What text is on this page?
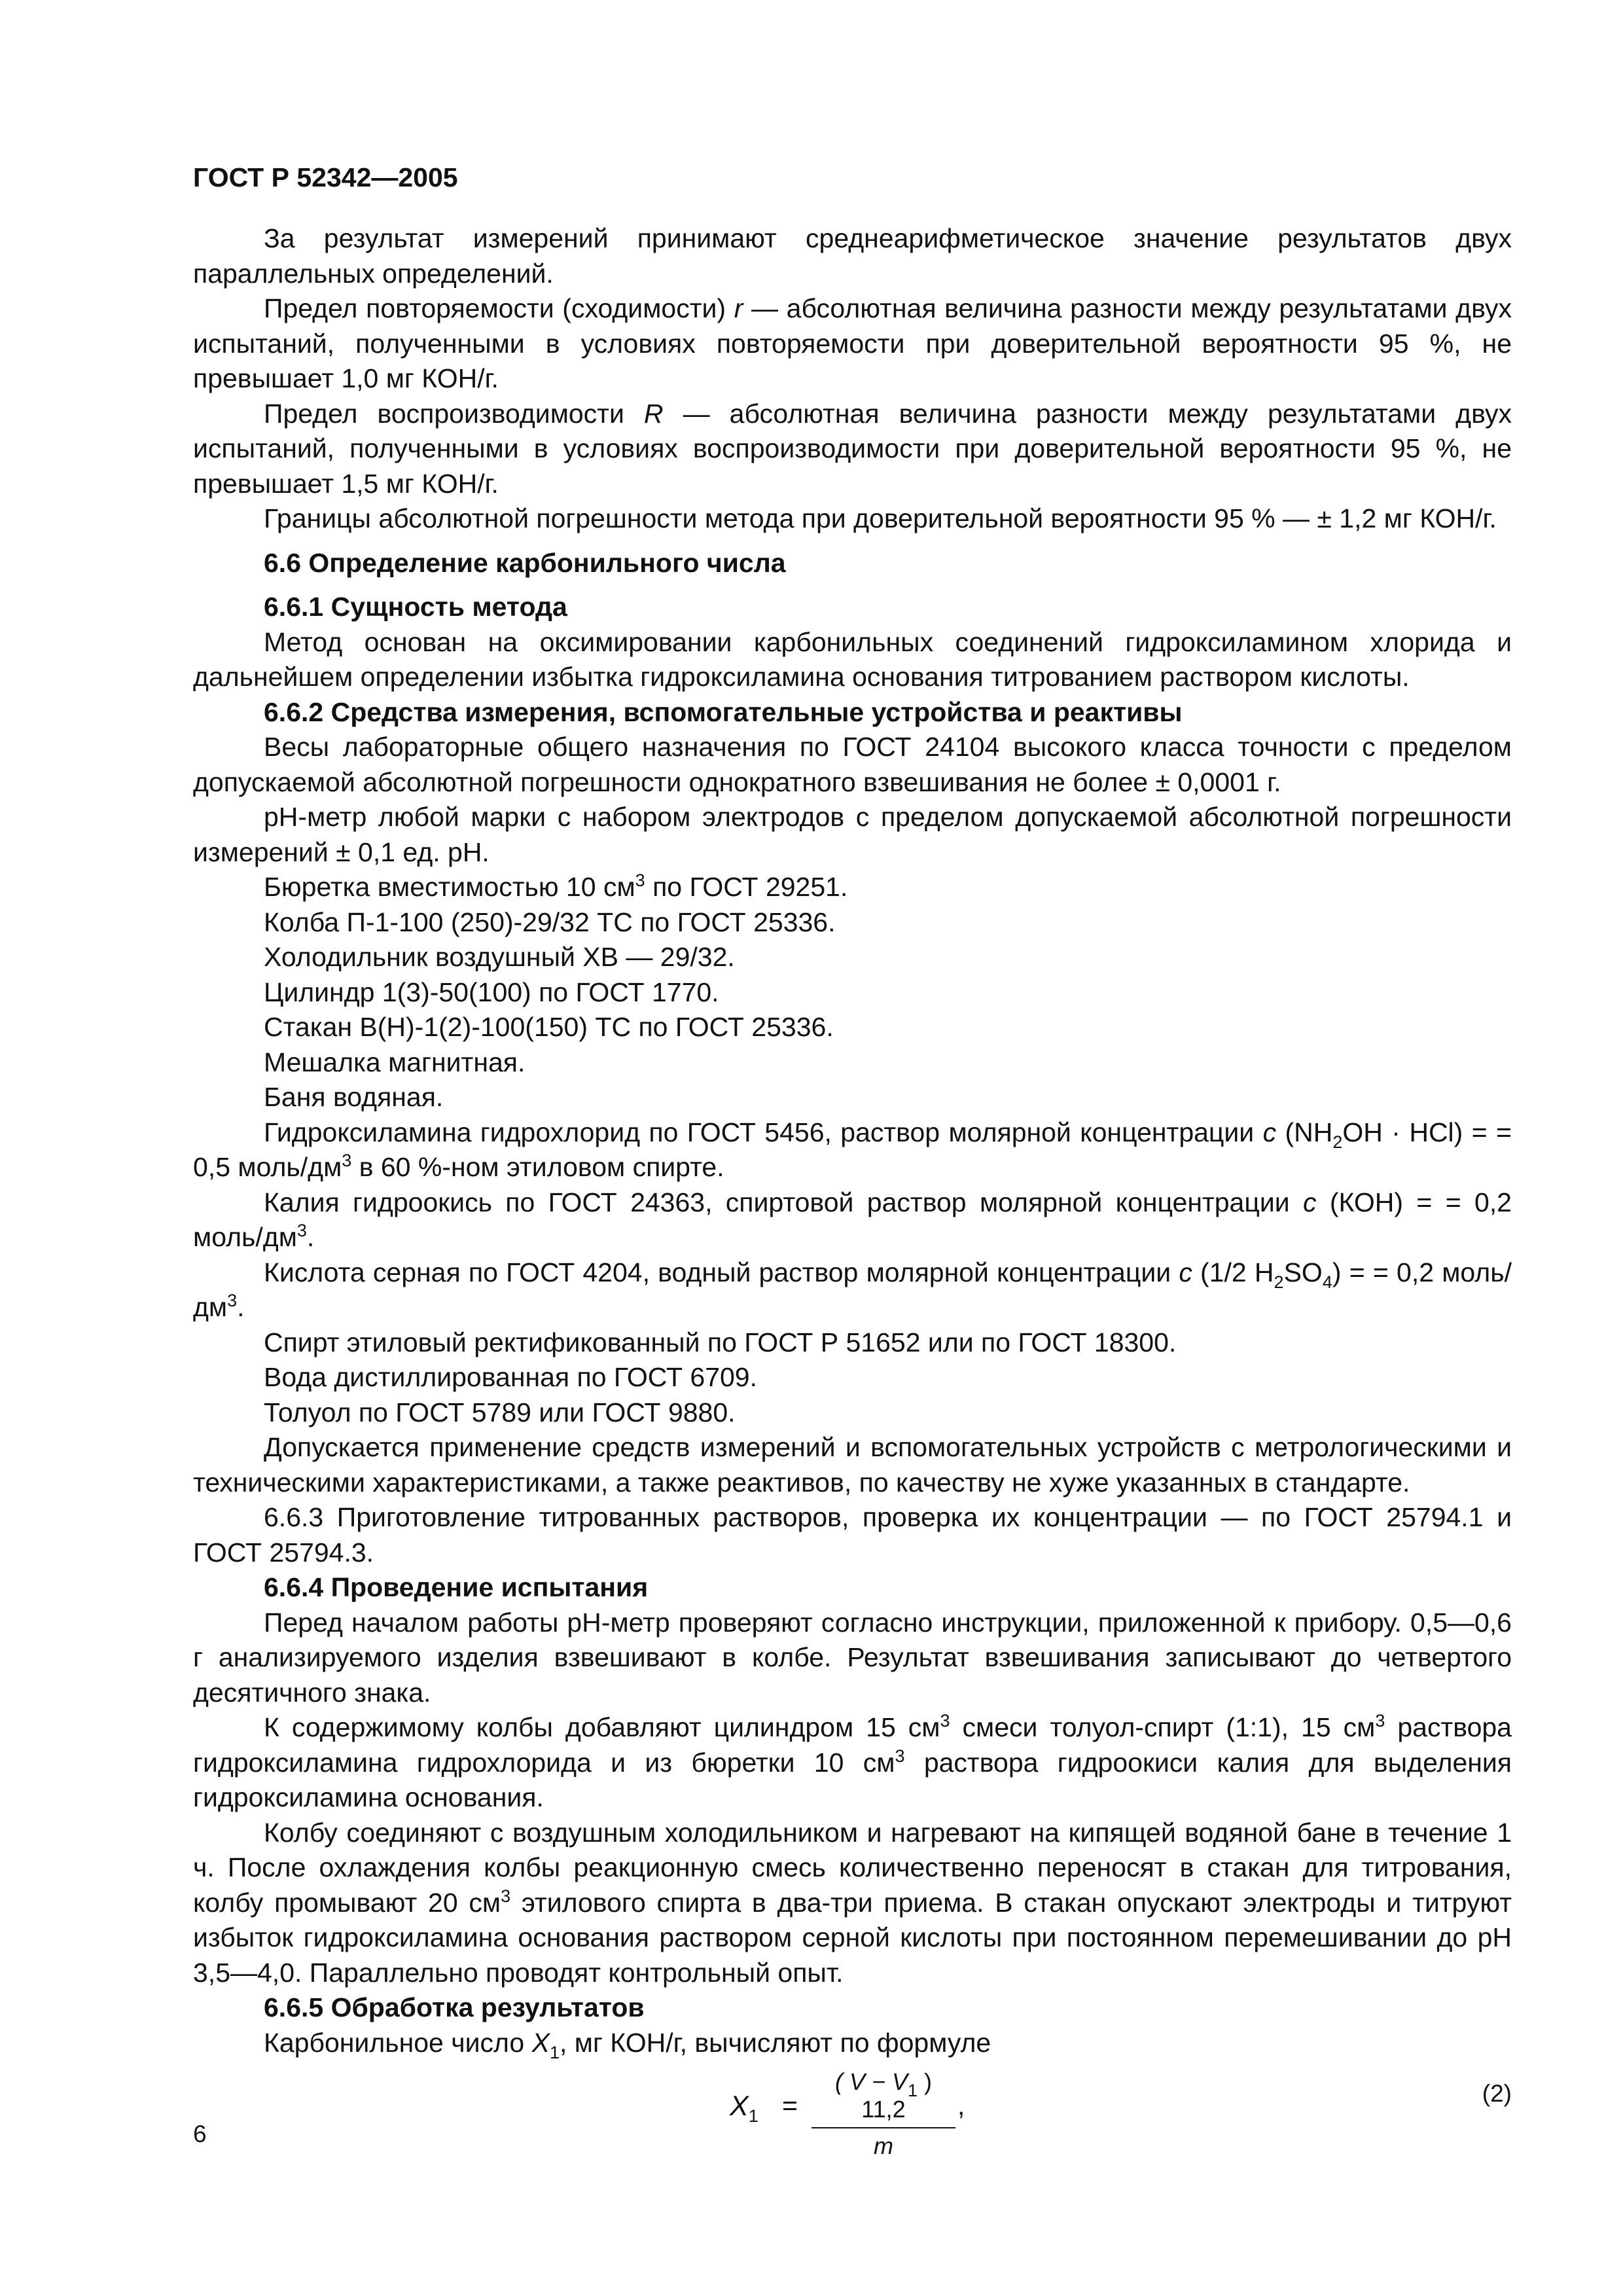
ГОСТ Р 52342—2005

За результат измерений принимают среднеарифметическое значение результатов двух параллельных определений.

Предел повторяемости (сходимости) r — абсолютная величина разности между результатами двух испытаний, полученными в условиях повторяемости при доверительной вероятности 95 %, не превышает 1,0 мг КОН/г.

Предел воспроизводимости R — абсолютная величина разности между результатами двух испытаний, полученными в условиях воспроизводимости при доверительной вероятности 95 %, не превышает 1,5 мг КОН/г.

Границы абсолютной погрешности метода при доверительной вероятности 95 % — ± 1,2 мг КОН/г.

6.6 Определение карбонильного числа
6.6.1 Сущность метода

Метод основан на оксимировании карбонильных соединений гидроксиламином хлорида и дальнейшем определении избытка гидроксиламина основания титрованием раствором кислоты.

6.6.2 Средства измерения, вспомогательные устройства и реактивы

Весы лабораторные общего назначения по ГОСТ 24104 высокого класса точности с пределом допускаемой абсолютной погрешности однократного взвешивания не более ± 0,0001 г.

рН-метр любой марки с набором электродов с пределом допускаемой абсолютной погрешности измерений ± 0,1 ед. рН.

Бюретка вместимостью 10 $см^3$ по ГОСТ 29251.

Колба П-1-100 (250)-29/32 ТС по ГОСТ 25336.

Холодильник воздушный ХВ — 29/32.

Цилиндр 1(3)-50(100) по ГОСТ 1770.

Стакан В(Н)-1(2)-100(150) ТС по ГОСТ 25336.

Мешалка магнитная.

Баня водяная.

Гидроксиламина гидрохлорид по ГОСТ 5456, раствор молярной концентрации c $(NH_2OH \cdot HCl)$ = = 0,5 моль/$дм^3$ в 60 %-ном этиловом спирте.

Калия гидроокись по ГОСТ 24363, спиртовой раствор молярной концентрации c (КОН) = = 0,2 моль/$дм^3$.

Кислота серная по ГОСТ 4204, водный раствор молярной концентрации c (1/2 $H_2SO_4$) = = 0,2 моль/$дм^3$.

Спирт этиловый ректификованный по ГОСТ Р 51652 или по ГОСТ 18300.

Вода дистиллированная по ГОСТ 6709.

Толуол по ГОСТ 5789 или ГОСТ 9880.

Допускается применение средств измерений и вспомогательных устройств с метрологическими и техническими характеристиками, а также реактивов, по качеству не хуже указанных в стандарте.

6.6.3 Приготовление титрованных растворов, проверка их концентрации — по ГОСТ 25794.1 и ГОСТ 25794.3.

6.6.4 Проведение испытания

Перед началом работы рН-метр проверяют согласно инструкции, приложенной к прибору. 0,5—0,6 г анализируемого изделия взвешивают в колбе. Результат взвешивания записывают до четвертого десятичного знака.

К содержимому колбы добавляют цилиндром 15 $см^3$ смеси толуол-спирт (1:1), 15 $см^3$ раствора гидроксиламина гидрохлорида и из бюретки 10 $см^3$ раствора гидроокиси калия для выделения гидроксиламина основания.

Колбу соединяют с воздушным холодильником и нагревают на кипящей водяной бане в течение 1 ч. После охлаждения колбы реакционную смесь количественно переносят в стакан для титрования, колбу промывают 20 $см^3$ этилового спирта в два-три приема. В стакан опускают электроды и титруют избыток гидроксиламина основания раствором серной кислоты при постоянном перемешивании до рН 3,5—4,0. Параллельно проводят контрольный опыт.

6.6.5 Обработка результатов

Карбонильное число $X_1$, мг КОН/г, вычисляют по формуле

$X_1 = \frac{( V - V_1 ) 11,2}{m}$ ,	(2)
6
